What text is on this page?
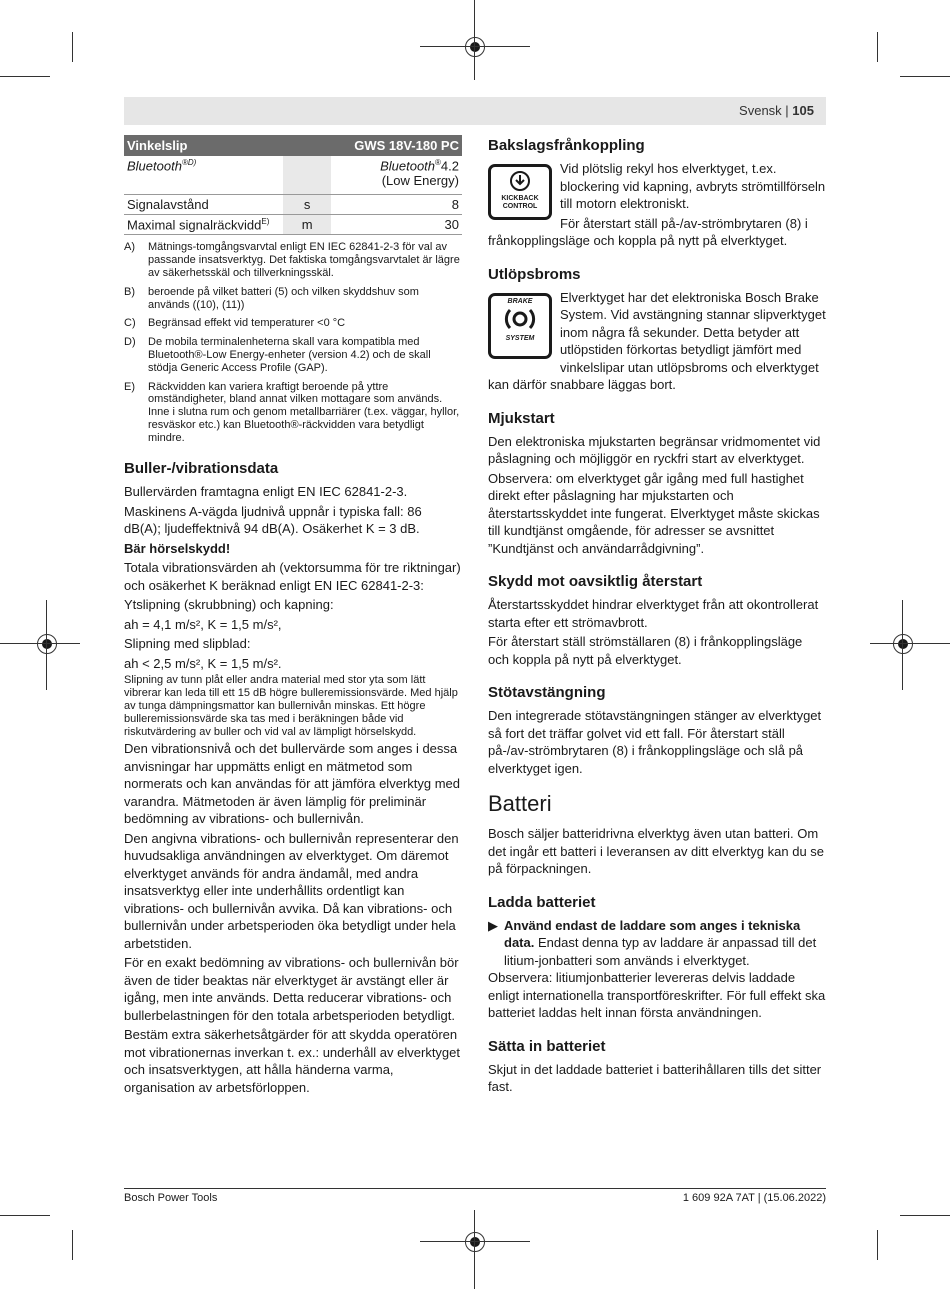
Svensk | 105
Vinkelslip			GWS 18V-180 PC
Bluetooth$^{®D)}$			Bluetooth®4.2
(Low Energy)
Signalavstånd	s		8
Maximal signalräckvidd$^{E)}$	m		30
A)	Mätnings-tomgångsvarvtal enligt EN IEC 62841-2-3 för val av passande insatsverktyg. Det faktiska tomgångsvarvtalet är lägre av säkerhetsskäl och tillverkningsskäl.
B)	beroende på vilket batteri (5) och vilken skyddshuv som används ((10), (11))
C)	Begränsad effekt vid temperaturer <0 °C
D)	De mobila terminalenheterna skall vara kompatibla med Bluetooth®-Low Energy-enheter (version 4.2) och de skall stödja Generic Access Profile (GAP).
E)	Räckvidden kan variera kraftigt beroende på yttre omständigheter, bland annat vilken mottagare som används. Inne i slutna rum och genom metallbarriärer (t.ex. väggar, hyllor, resväskor etc.) kan Bluetooth®-räckvidden vara betydligt mindre.
Buller-/vibrationsdata

Bullervärden framtagna enligt EN IEC 62841-2-3.

Maskinens A-vägda ljudnivå uppnår i typiska fall: 86 dB(A); ljudeffektnivå 94 dB(A). Osäkerhet K = 3 dB.

Bär hörselskydd!

Totala vibrationsvärden ah (vektorsumma för tre riktningar) och osäkerhet K beräknad enligt EN IEC 62841-2-3:

Ytslipning (skrubbning) och kapning:

ah = 4,1 m/s², K = 1,5 m/s²,

Slipning med slipblad:

ah < 2,5 m/s², K = 1,5 m/s².

Slipning av tunn plåt eller andra material med stor yta som lätt vibrerar kan leda till ett 15 dB högre bulleremissionsvärde. Med hjälp av tunga dämpningsmattor kan bullernivån minskas. Ett högre bulleremissionsvärde ska tas med i beräkningen både vid riskutvärdering av buller och vid val av lämpligt hörselskydd.

Den vibrationsnivå och det bullervärde som anges i dessa anvisningar har uppmätts enligt en mätmetod som normerats och kan användas för att jämföra elverktyg med varandra. Mätmetoden är även lämplig för preliminär bedömning av vibrations- och bullernivån.

Den angivna vibrations- och bullernivån representerar den huvudsakliga användningen av elverktyget. Om däremot elverktyget används för andra ändamål, med andra insatsverktyg eller inte underhållits ordentligt kan vibrations- och bullernivån avvika. Då kan vibrations- och bullernivån under arbetsperioden öka betydligt under hela arbetstiden.

För en exakt bedömning av vibrations- och bullernivån bör även de tider beaktas när elverktyget är avstängt eller är igång, men inte används. Detta reducerar vibrations- och bullerbelastningen för den totala arbetsperioden betydligt.

Bestäm extra säkerhetsåtgärder för att skydda operatören mot vibrationernas inverkan t. ex.: underhåll av elverktyget och insatsverktygen, att hålla händerna varma, organisation av arbetsförloppen.

Bakslagsfrånkoppling
KICKBACK CONTROL

Vid plötslig rekyl hos elverktyget, t.ex. blockering vid kapning, avbryts strömtillförseln till motorn elektroniskt.

För återstart ställ på-/av-strömbrytaren (8) i frånkopplingsläge och koppla på nytt på elverktyget.

Utlöpsbroms
BRAKE
SYSTEM

Elverktyget har det elektroniska Bosch Brake System. Vid avstängning stannar slipverktyget inom några få sekunder. Detta betyder att utlöpstiden förkortas betydligt jämfört med vinkelslipar utan utlöpsbroms och elverktyget kan därför snabbare läggas bort.

Mjukstart

Den elektroniska mjukstarten begränsar vridmomentet vid påslagning och möjliggör en ryckfri start av elverktyget.

Observera: om elverktyget går igång med full hastighet direkt efter påslagning har mjukstarten och återstartsskyddet inte fungerat. Elverktyget måste skickas till kundtjänst omgående, för adresser se avsnittet ”Kundtjänst och användarrådgivning”.

Skydd mot oavsiktlig återstart

Återstartsskyddet hindrar elverktyget från att okontrollerat starta efter ett strömavbrott.

För återstart ställ strömställaren (8) i frånkopplingsläge och koppla på nytt på elverktyget.

Stötavstängning

Den integrerade stötavstängningen stänger av elverktyget så fort det träffar golvet vid ett fall. För återstart ställ på-/av-strömbrytaren (8) i frånkopplingsläge och slå på elverktyget igen.

Batteri

Bosch säljer batteridrivna elverktyg även utan batteri. Om det ingår ett batteri i leveransen av ditt elverktyg kan du se på förpackningen.

Ladda batteriet
▶ Använd endast de laddare som anges i tekniska data. Endast denna typ av laddare är anpassad till det litium-jonbatteri som används i elverktyget.

Observera: litiumjonbatterier levereras delvis laddade enligt internationella transportföreskrifter. För full effekt ska batteriet laddas helt innan första användningen.

Sätta in batteriet

Skjut in det laddade batteriet i batterihållaren tills det sitter fast.

Bosch Power Tools	1 609 92A 7AT | (15.06.2022)
